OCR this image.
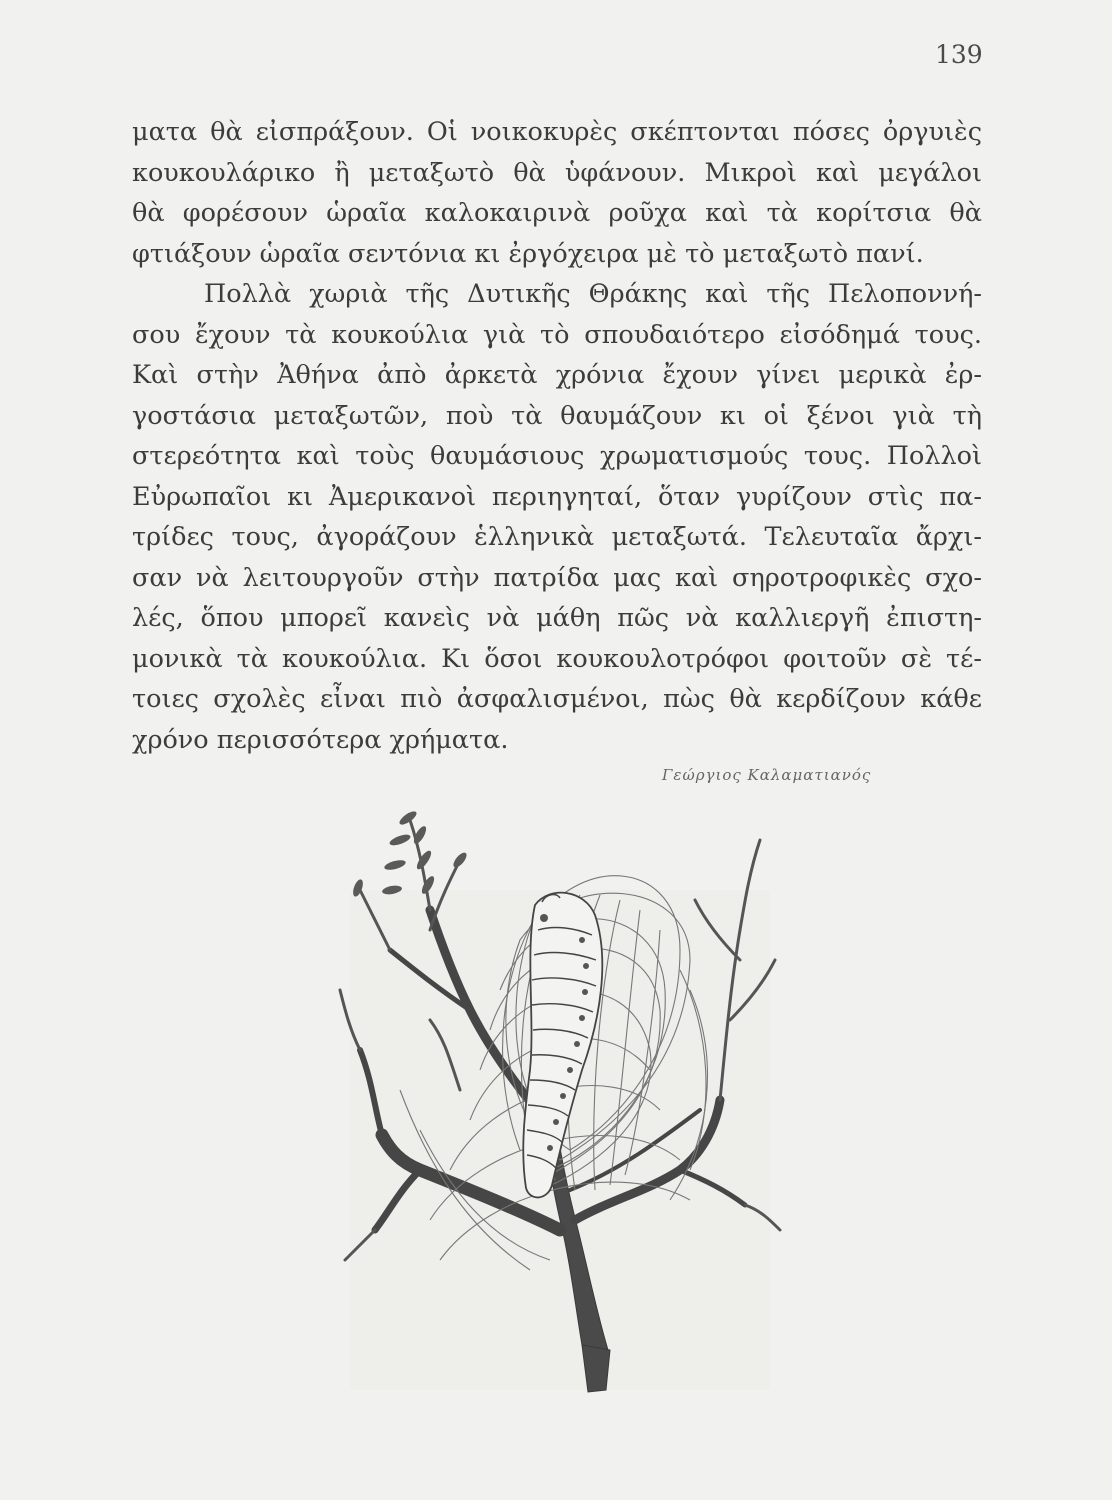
139
ματα θὰ εἰσπράξουν. Οἱ νοικοκυρὲς σκέπτονται πόσες ὀργυιὲς
κουκουλάρικο ἢ μεταξωτὸ θὰ ὑφάνουν. Μικροὶ καὶ μεγάλοι
θὰ φορέσουν ὡραῖα καλοκαιρινὰ ροῦχα καὶ τὰ κορίτσια θὰ
φτιάξουν ὡραῖα σεντόνια κι ἐργόχειρα μὲ τὸ μεταξωτὸ πανί.
Πολλὰ χωριὰ τῆς Δυτικῆς Θράκης καὶ τῆς Πελοποννή-
σου ἔχουν τὰ κουκούλια γιὰ τὸ σπουδαιότερο εἰσόδημά τους.
Καὶ στὴν Ἀθήνα ἀπὸ ἀρκετὰ χρόνια ἔχουν γίνει μερικὰ ἐρ-
γοστάσια μεταξωτῶν, ποὺ τὰ θαυμάζουν κι οἱ ξένοι γιὰ τὴ
στερεότητα καὶ τοὺς θαυμάσιους χρωματισμούς τους. Πολλοὶ
Εὐρωπαῖοι κι Ἀμερικανοὶ περιηγηταί, ὅταν γυρίζουν στὶς πα-
τρίδες τους, ἀγοράζουν ἑλληνικὰ μεταξωτά. Τελευταῖα ἄρχι-
σαν νὰ λειτουργοῦν στὴν πατρίδα μας καὶ σηροτροφικὲς σχο-
λές, ὅπου μπορεῖ κανεὶς νὰ μάθη πῶς νὰ καλλιεργῆ ἐπιστη-
μονικὰ τὰ κουκούλια. Κι ὅσοι κουκουλοτρόφοι φοιτοῦν σὲ τέ-
τοιες σχολὲς εἶναι πιὸ ἀσφαλισμένοι, πὼς θὰ κερδίζουν κάθε
χρόνο περισσότερα χρήματα.
Γεώργιος Καλαματιανός
